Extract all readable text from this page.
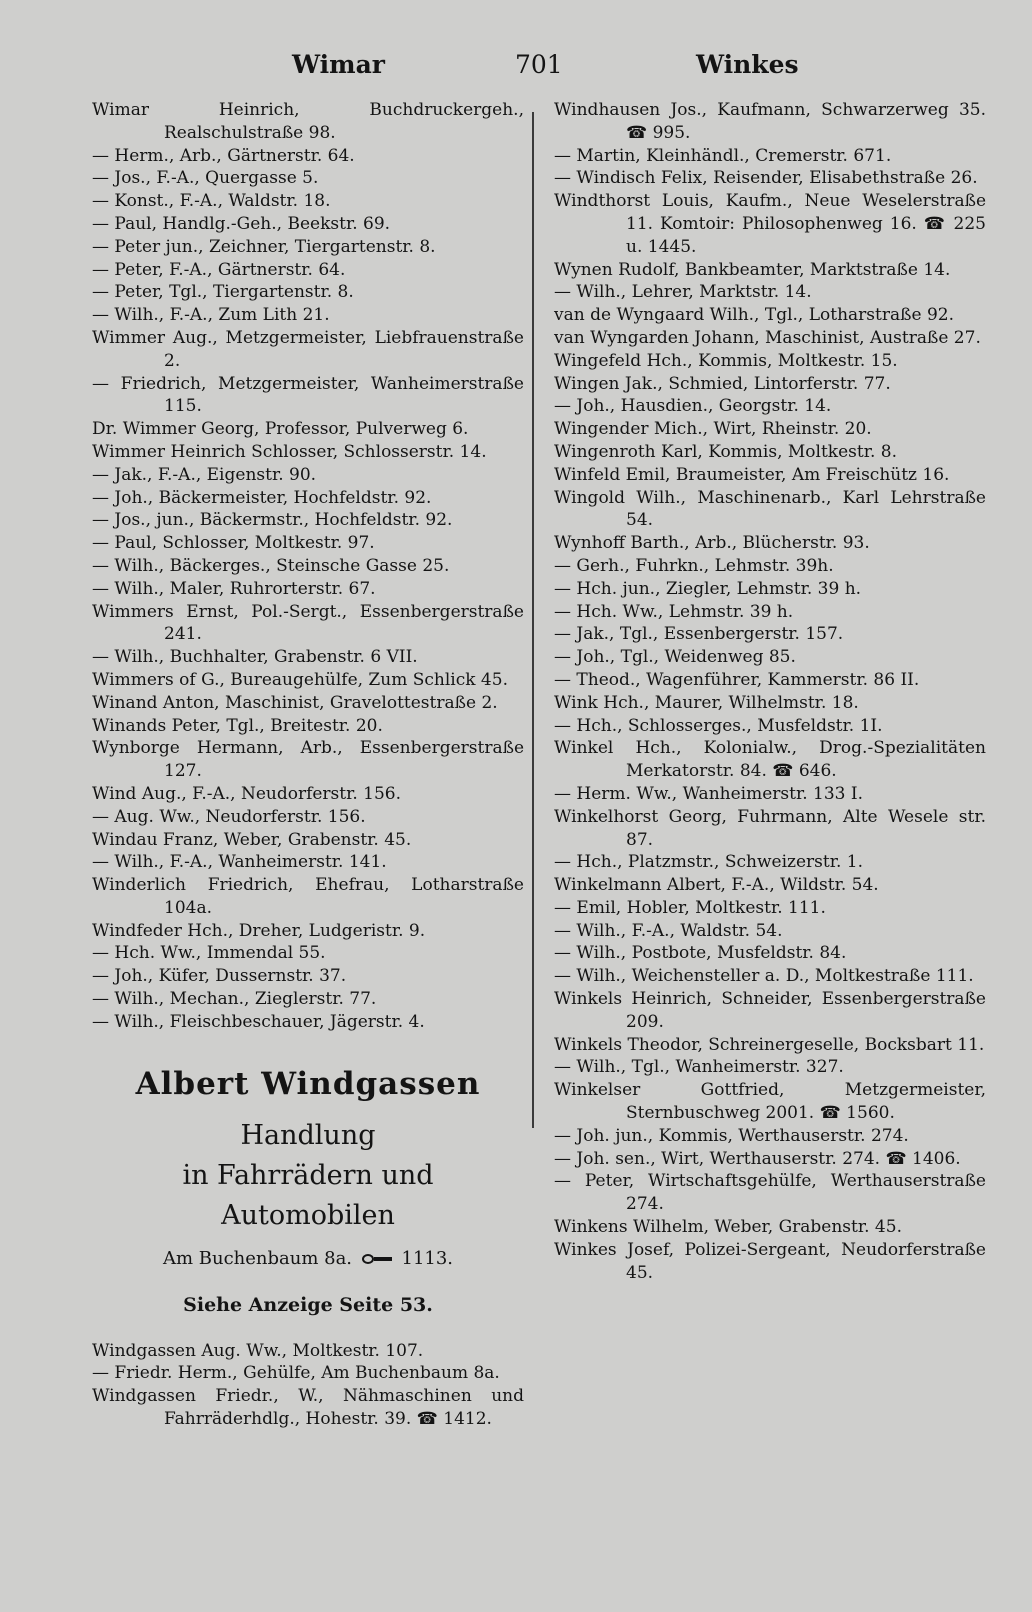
Wimar	701	Winkes
Wimar Heinrich, Buchdruckergeh., Realschulstraße 98.
— Herm., Arb., Gärtnerstr. 64.
— Jos., F.-A., Quergasse 5.
— Konst., F.-A., Waldstr. 18.
— Paul, Handlg.-Geh., Beekstr. 69.
— Peter jun., Zeichner, Tiergartenstr. 8.
— Peter, F.-A., Gärtnerstr. 64.
— Peter, Tgl., Tiergartenstr. 8.
— Wilh., F.-A., Zum Lith 21.
Wimmer Aug., Metzgermeister, Liebfrauenstraße 2.
— Friedrich, Metzgermeister, Wanheimerstraße 115.
Dr. Wimmer Georg, Professor, Pulverweg 6.
Wimmer Heinrich Schlosser, Schlosserstr. 14.
— Jak., F.-A., Eigenstr. 90.
— Joh., Bäckermeister, Hochfeldstr. 92.
— Jos., jun., Bäckermstr., Hochfeldstr. 92.
— Paul, Schlosser, Moltkestr. 97.
— Wilh., Bäckerges., Steinsche Gasse 25.
— Wilh., Maler, Ruhrorterstr. 67.
Wimmers Ernst, Pol.-Sergt., Essenbergerstraße 241.
— Wilh., Buchhalter, Grabenstr. 6 VII.
Wimmers of G., Bureaugehülfe, Zum Schlick 45.
Winand Anton, Maschinist, Gravelottestraße 2.
Winands Peter, Tgl., Breitestr. 20.
Wynborge Hermann, Arb., Essenbergerstraße 127.
Wind Aug., F.-A., Neudorferstr. 156.
— Aug. Ww., Neudorferstr. 156.
Windau Franz, Weber, Grabenstr. 45.
— Wilh., F.-A., Wanheimerstr. 141.
Winderlich Friedrich, Ehefrau, Lotharstraße 104a.
Windfeder Hch., Dreher, Ludgeristr. 9.
— Hch. Ww., Immendal 55.
— Joh., Küfer, Dussernstr. 37.
— Wilh., Mechan., Zieglerstr. 77.
— Wilh., Fleischbeschauer, Jägerstr. 4.
Albert Windgassen
Handlung
in Fahrrädern und Automobilen
Am Buchenbaum 8a.	1113.
Siehe Anzeige Seite 53.
Windgassen Aug. Ww., Moltkestr. 107.
— Friedr. Herm., Gehülfe, Am Buchenbaum 8a.
Windgassen Friedr., W., Nähmaschinen und Fahrräderhdlg., Hohestr. 39. ☎ 1412.
Windhausen Jos., Kaufmann, Schwarzerweg 35. ☎ 995.
— Martin, Kleinhändl., Cremerstr. 671.
— Windisch Felix, Reisender, Elisabethstraße 26.
Windthorst Louis, Kaufm., Neue Weselerstraße 11. Komtoir: Philosophenweg 16. ☎ 225 u. 1445.
Wynen Rudolf, Bankbeamter, Marktstraße 14.
— Wilh., Lehrer, Marktstr. 14.
van de Wyngaard Wilh., Tgl., Lotharstraße 92.
van Wyngarden Johann, Maschinist, Austraße 27.
Wingefeld Hch., Kommis, Moltkestr. 15.
Wingen Jak., Schmied, Lintorferstr. 77.
— Joh., Hausdien., Georgstr. 14.
Wingender Mich., Wirt, Rheinstr. 20.
Wingenroth Karl, Kommis, Moltkestr. 8.
Winfeld Emil, Braumeister, Am Freischütz 16.
Wingold Wilh., Maschinenarb., Karl Lehrstraße 54.
Wynhoff Barth., Arb., Blücherstr. 93.
— Gerh., Fuhrkn., Lehmstr. 39h.
— Hch. jun., Ziegler, Lehmstr. 39 h.
— Hch. Ww., Lehmstr. 39 h.
— Jak., Tgl., Essenbergerstr. 157.
— Joh., Tgl., Weidenweg 85.
— Theod., Wagenführer, Kammerstr. 86 II.
Wink Hch., Maurer, Wilhelmstr. 18.
— Hch., Schlosserges., Musfeldstr. 1I.
Winkel Hch., Kolonialw., Drog.-Spezialitäten Merkatorstr. 84. ☎ 646.
— Herm. Ww., Wanheimerstr. 133 I.
Winkelhorst Georg, Fuhrmann, Alte Wesele str. 87.
— Hch., Platzmstr., Schweizerstr. 1.
Winkelmann Albert, F.-A., Wildstr. 54.
— Emil, Hobler, Moltkestr. 111.
— Wilh., F.-A., Waldstr. 54.
— Wilh., Postbote, Musfeldstr. 84.
— Wilh., Weichensteller a. D., Moltkestraße 111.
Winkels Heinrich, Schneider, Essenbergerstraße 209.
Winkels Theodor, Schreinergeselle, Bocksbart 11.
— Wilh., Tgl., Wanheimerstr. 327.
Winkelser Gottfried, Metzgermeister, Sternbuschweg 2001. ☎ 1560.
— Joh. jun., Kommis, Werthauserstr. 274.
— Joh. sen., Wirt, Werthauserstr. 274. ☎ 1406.
— Peter, Wirtschaftsgehülfe, Werthauserstraße 274.
Winkens Wilhelm, Weber, Grabenstr. 45.
Winkes Josef, Polizei-Sergeant, Neudorferstraße 45.
